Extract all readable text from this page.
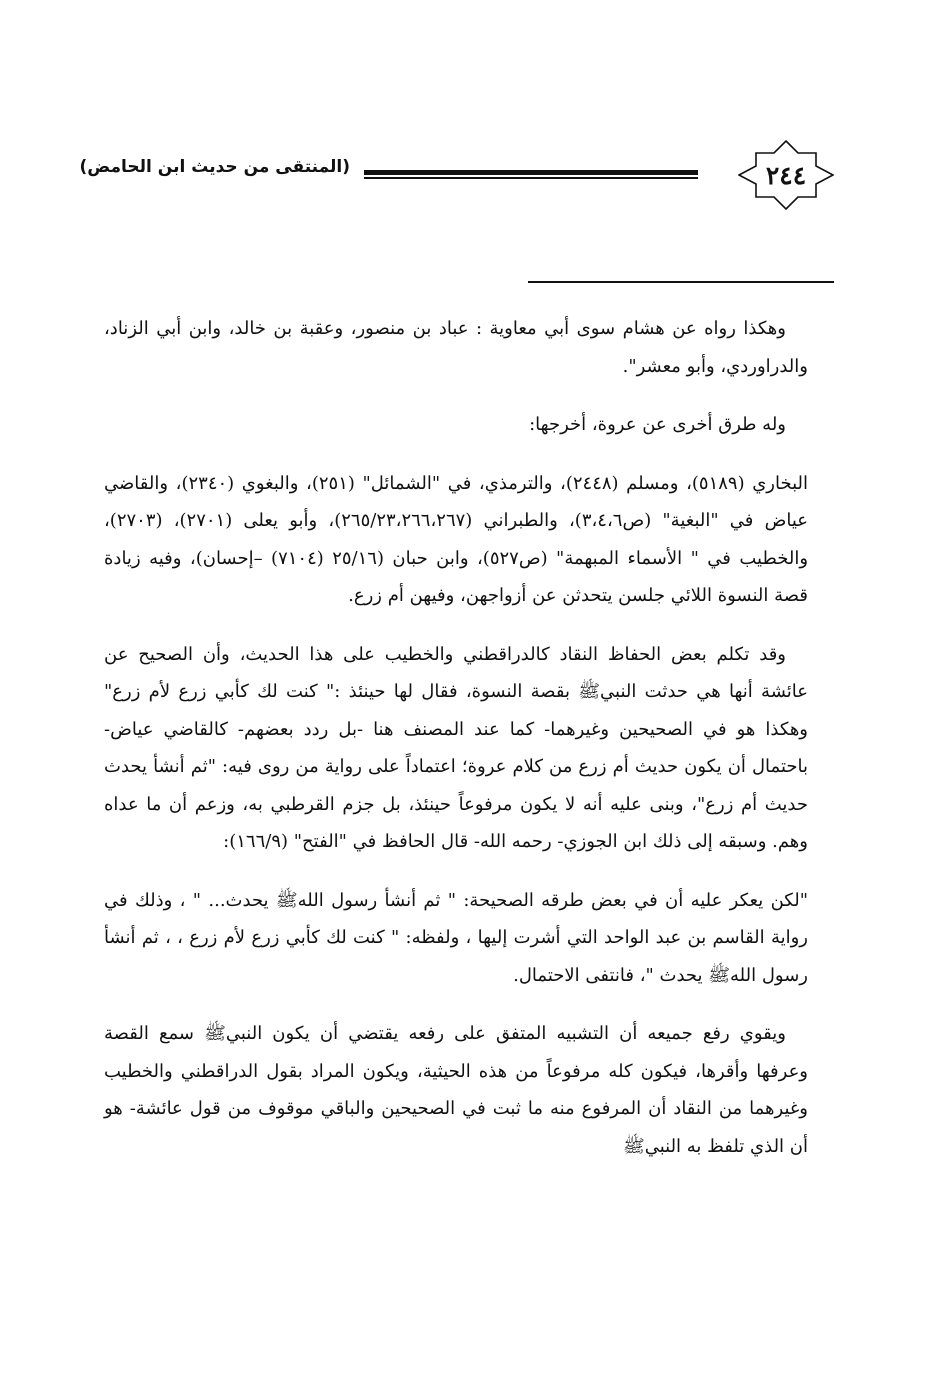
٢٤٤
(المنتقى من حديث ابن الحامض)

وهكذا رواه عن هشام سوى أبي معاوية : عباد بن منصور، وعقبة بن خالد، وابن أبي الزناد، والدراوردي، وأبو معشر".

وله طرق أخرى عن عروة، أخرجها:

البخاري (٥١٨٩)، ومسلم (٢٤٤٨)، والترمذي، في "الشمائل" (٢٥١)، والبغوي (٢٣٤٠)، والقاضي عياض في "البغية" (ص٣،٤،٦)، والطبراني (٢٦٥/٢٣،٢٦٦،٢٦٧)، وأبو يعلى (٢٧٠١)، (٢٧٠٣)، والخطيب في " الأسماء المبهمة" (ص٥٢٧)، وابن حبان (٢٥/١٦ (٧١٠٤) –إحسان)، وفيه زيادة قصة النسوة اللائي جلسن يتحدثن عن أزواجهن، وفيهن أم زرع.

وقد تكلم بعض الحفاظ النقاد كالدراقطني والخطيب على هذا الحديث، وأن الصحيح عن عائشة أنها هي حدثت النبيﷺ بقصة النسوة، فقال لها حينئذ :" كنت لك كأبي زرع لأم زرع" وهكذا هو في الصحيحين وغيرهما- كما عند المصنف هنا -بل ردد بعضهم- كالقاضي عياض- باحتمال أن يكون حديث أم زرع من كلام عروة؛ اعتماداً على رواية من روى فيه: "ثم أنشأ يحدث حديث أم زرع"، وبنى عليه أنه لا يكون مرفوعاً حينئذ، بل جزم القرطبي به، وزعم أن ما عداه وهم. وسبقه إلى ذلك ابن الجوزي- رحمه الله- قال الحافظ في "الفتح" (١٦٦/٩):

"لكن يعكر عليه أن في بعض طرقه الصحيحة: " ثم أنشأ رسول اللهﷺ يحدث... " ، وذلك في رواية القاسم بن عبد الواحد التي أشرت إليها ، ولفظه: " كنت لك كأبي زرع لأم زرع ، ، ثم أنشأ رسول اللهﷺ يحدث "، فانتفى الاحتمال.

ويقوي رفع جميعه أن التشبيه المتفق على رفعه يقتضي أن يكون النبيﷺ سمع القصة وعرفها وأقرها، فيكون كله مرفوعاً من هذه الحيثية، ويكون المراد بقول الدراقطني والخطيب وغيرهما من النقاد أن المرفوع منه ما ثبت في الصحيحين والباقي موقوف من قول عائشة- هو أن الذي تلفظ به النبيﷺ
